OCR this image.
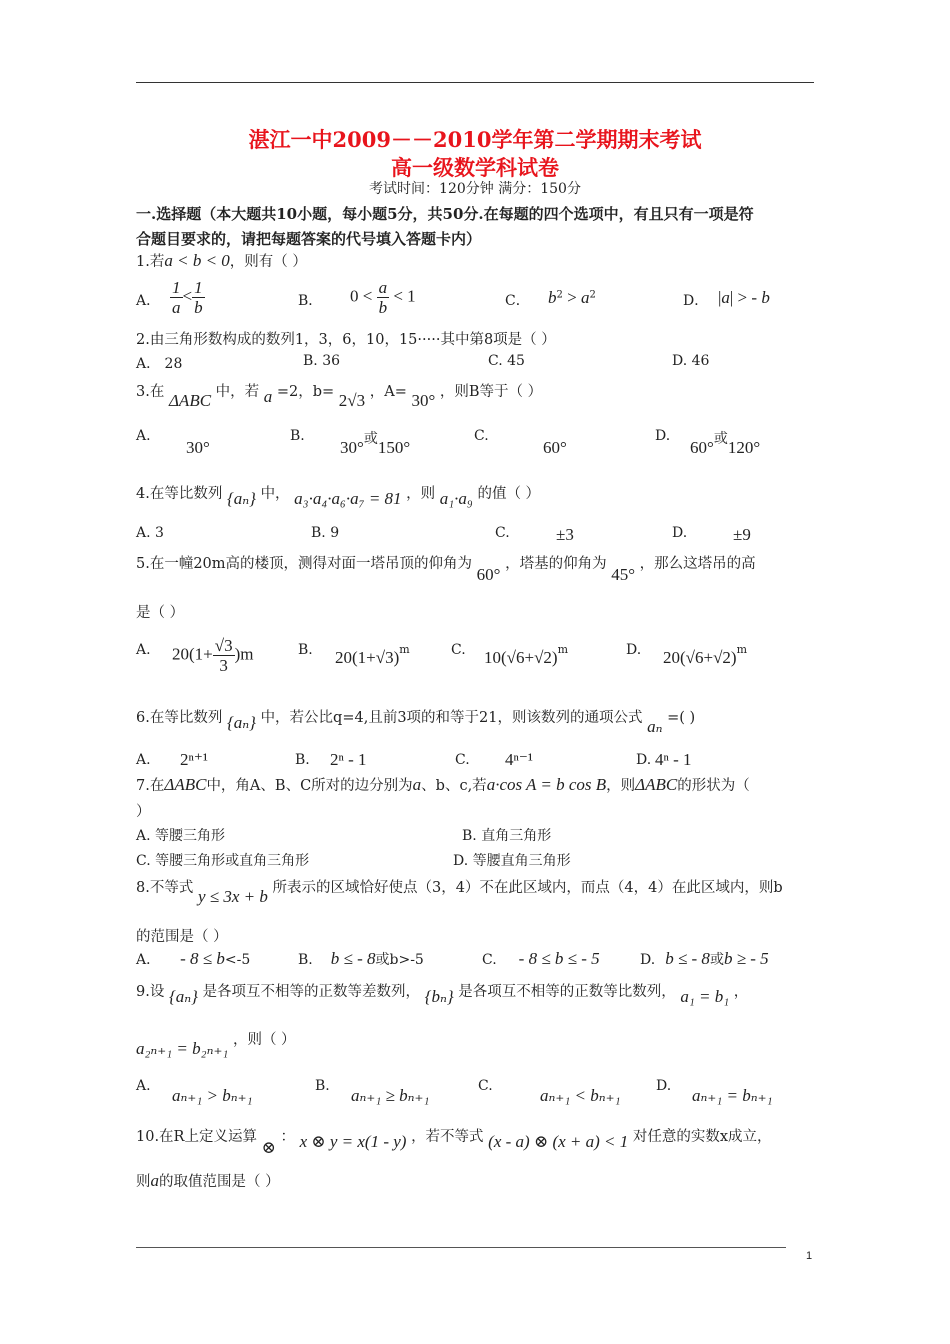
湛江一中2009－－2010学年第二学期期末考试
高一级数学科试卷
考试时间：120分钟 满分：150分
一.选择题（本大题共10小题，每小题5分，共50分.在每题的四个选项中，有且只有一项是符
合题目要求的，请把每题答案的代号填入答题卡内）
1.若a < b < 0，则有（ ）
A． $\frac{1}{a} < \frac{1}{b}$	B． $0 < \frac{a}{b} < 1$	C． $b^2 > a^2$	D． |a| > - b
2.由三角形数构成的数列1，3，6，10，15·····其中第8项是（ ）
A． 28	B. 36	C. 45	D. 46
3.在 ΔABC 中，若 a =2，b= 2√3 ，A= 30° ，则B等于（ ）
A.
30°
B.
30°或150°
C.
60°
D.
60°或120°
4.在等比数列 {aₙ} 中， a₃·a₄·a₆·a₇ = 81 ，则 a₁·a₉ 的值（ ）
A. 3	B. 9	C.	±3	D.	±9
5.在一幢20m高的楼顶，测得对面一塔吊顶的仰角为 60° ，塔基的仰角为 45° ，那么这塔吊的高
是（ ）
A. $20(1+ \frac{√3}{3} )m$	B. $20(1+√3)^m$	C. $10(√6+√2)^m$	D. $20(√6+√2)^m$
6.在等比数列 {aₙ} 中，若公比q=4,且前3项的和等于21，则该数列的通项公式 aₙ =( )
A. 2ⁿ⁺¹	B. 2ⁿ - 1	C. 4ⁿ⁻¹	D. 4ⁿ - 1
7.在ΔABC中，角A、B、C所对的边分别为a、b、c,若a·cos A = b cos B，则ΔABC的形状为（
）
A. 等腰三角形	B. 直角三角形
C. 等腰三角形或直角三角形	D. 等腰直角三角形
8.不等式 y ≤ 3x + b 所表示的区域恰好使点（3，4）不在此区域内，而点（4，4）在此区域内，则b
的范围是（ ）
A． - 8 ≤ b<-5	B. b ≤ - 8或b>-5	C. - 8 ≤ b ≤ - 5	D. b ≤ - 8或b ≥ - 5
9.设 {aₙ} 是各项互不相等的正数等差数列， {bₙ} 是各项互不相等的正数等比数列， a₁ = b₁ ，
a₂ₙ₊₁ = b₂ₙ₊₁ ，则（ ）
A. aₙ₊₁ > bₙ₊₁	B. aₙ₊₁ ≥ bₙ₊₁	C.	aₙ₊₁ < bₙ₊₁	D. aₙ₊₁ = bₙ₊₁
10.在R上定义运算 ⊗ ： x ⊗ y = x(1 - y) ，若不等式 (x - a) ⊗ (x + a) < 1 对任意的实数x成立，
则a的取值范围是（ ）
1
